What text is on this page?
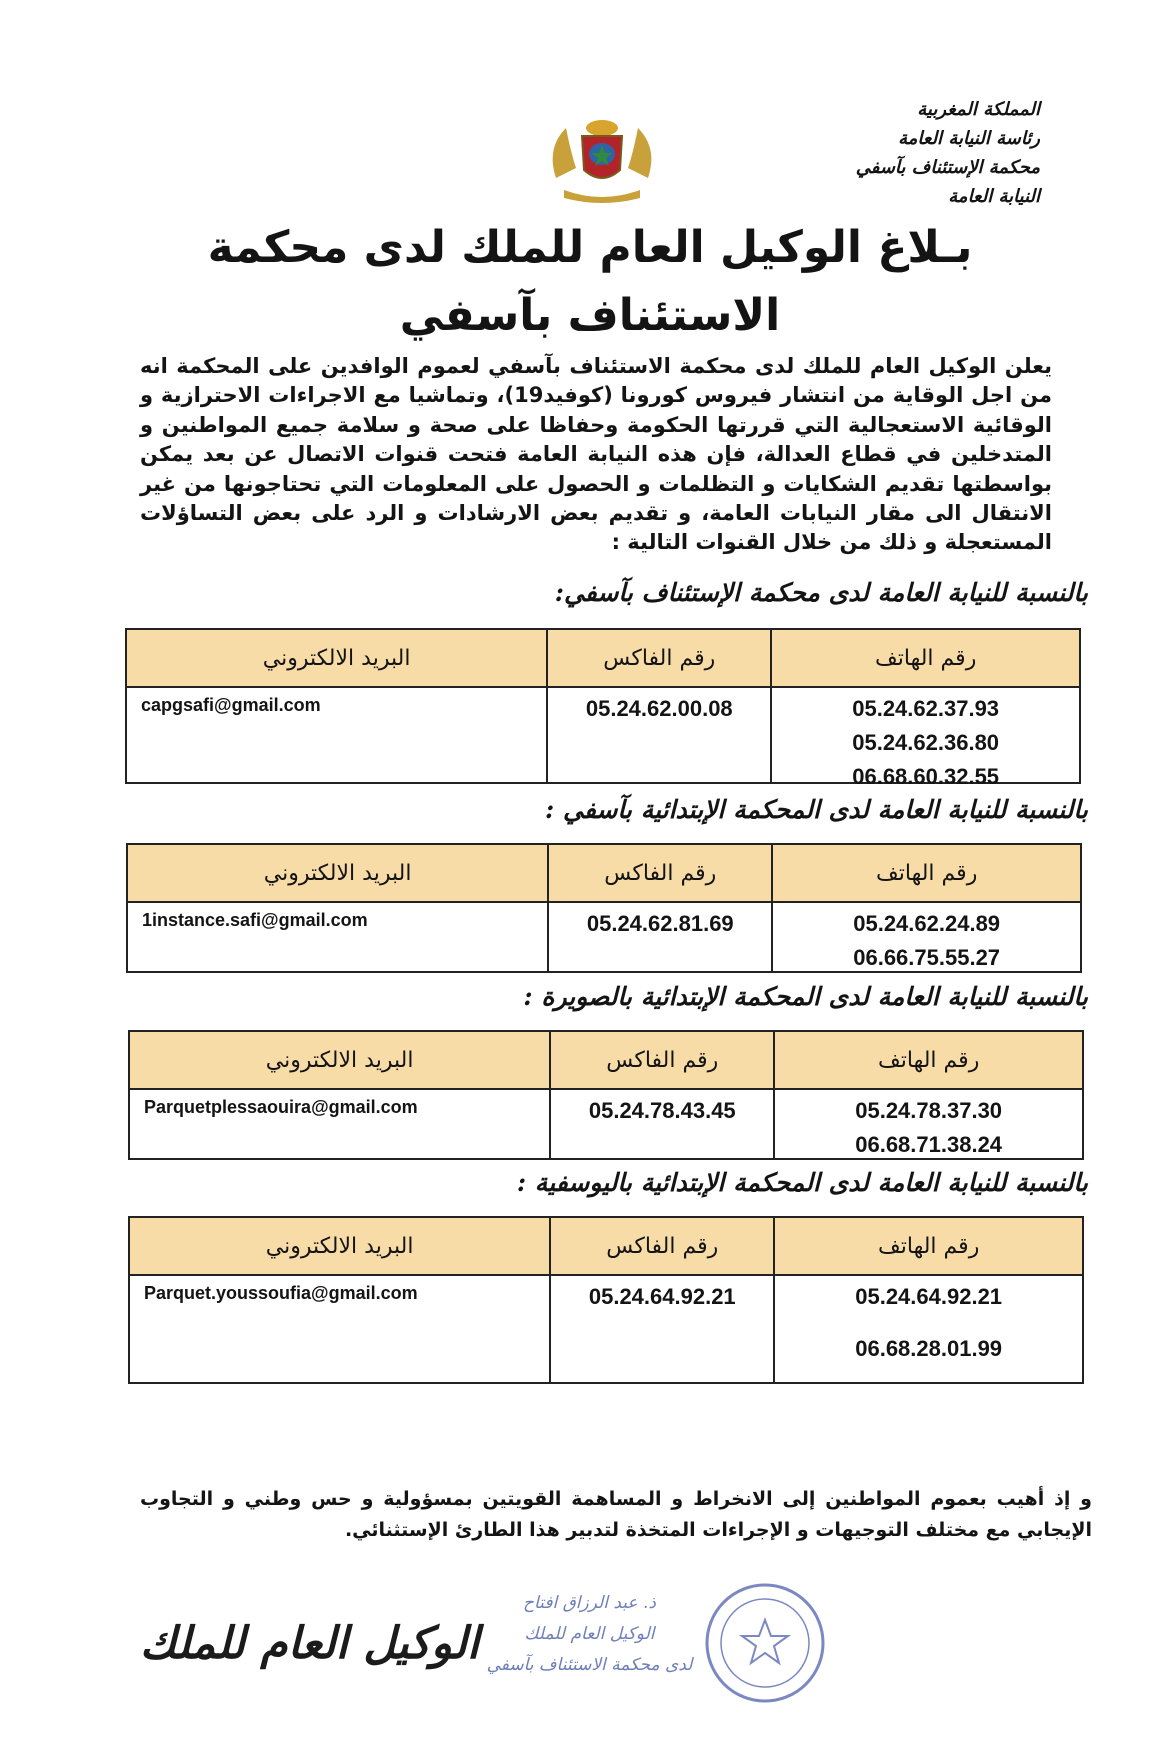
المملكة المغربية
رئاسة النيابة العامة
محكمة الإستئناف بآسفي
النيابة العامة
بـلاغ الوكيل العام للملك لدى محكمة
الاستئناف بآسفي
يعلن الوكيل العام للملك لدى محكمة الاستئناف بآسفي لعموم الوافدين على المحكمة انه من اجل الوقاية من انتشار فيروس كورونا (كوفيد19)، وتماشيا مع الاجراءات الاحترازية و الوقائية الاستعجالية التي قررتها الحكومة وحفاظا على صحة و سلامة جميع المواطنين و المتدخلين في قطاع العدالة، فإن هذه النيابة العامة فتحت قنوات الاتصال عن بعد يمكن بواسطتها تقديم الشكايات و التظلمات و الحصول على المعلومات التي تحتاجونها من غير الانتقال الى مقار النيابات العامة، و تقديم بعض الارشادات و الرد على بعض التساؤلات المستعجلة و ذلك من خلال القنوات التالية :
بالنسبة للنيابة العامة لدى محكمة الإستئناف بآسفي:
رقم الهاتف
رقم الفاكس
البريد الالكتروني
05.24.62.37.93
05.24.62.36.80
06.68.60.32.55
05.24.62.00.08
capgsafi@gmail.com
بالنسبة للنيابة العامة لدى المحكمة الإبتدائية بآسفي :
رقم الهاتف
رقم الفاكس
البريد الالكتروني
05.24.62.24.89
06.66.75.55.27
05.24.62.81.69
1instance.safi@gmail.com
بالنسبة للنيابة العامة لدى المحكمة الإبتدائية بالصويرة :
رقم الهاتف
رقم الفاكس
البريد الالكتروني
05.24.78.37.30
06.68.71.38.24
05.24.78.43.45
Parquetplessaouira@gmail.com
بالنسبة للنيابة العامة لدى المحكمة الإبتدائية باليوسفية :
رقم الهاتف
رقم الفاكس
البريد الالكتروني
05.24.64.92.21
06.68.28.01.99
05.24.64.92.21
Parquet.youssoufia@gmail.com
و إذ أهيب بعموم المواطنين إلى الانخراط و المساهمة القويتين بمسؤولية و حس وطني و التجاوب الإيجابي مع مختلف التوجيهات و الإجراءات المتخذة لتدبير هذا الطارئ الإستثنائي.
ذ. عبد الرزاق افتاح
الوكيل العام للملك
لدى محكمة الاستئناف بآسفي
الوكيل العام للملك
